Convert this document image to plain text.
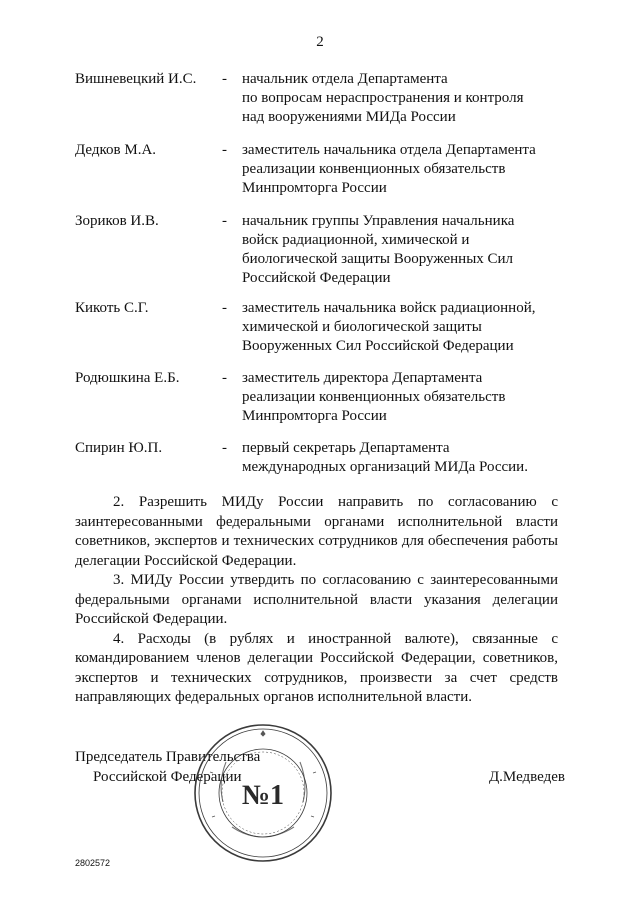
2
Вишневецкий И.С. - начальник отдела Департамента
по вопросам нераспространения и контроля
над вооружениями МИДа России
Дедков М.А.	- заместитель начальника отдела Департамента
реализации конвенционных обязательств
Минпромторга России
Зориков И.В.	- начальник группы Управления начальника
войск радиационной, химической и
биологической защиты Вооруженных Сил
Российской Федерации
Кикоть С.Г.	- заместитель начальника войск радиационной,
химической и биологической защиты
Вооруженных Сил Российской Федерации
Родюшкина Е.Б.	- заместитель директора Департамента
реализации конвенционных обязательств
Минпромторга России
Спирин Ю.П.	- первый секретарь Департамента
международных организаций МИДа России.

2. Разрешить МИДу России направить по согласованию с заинтересованными федеральными органами исполнительной власти советников, экспертов и технических сотрудников для обеспечения работы делегации Российской Федерации.

3. МИДу России утвердить по согласованию с заинтересованными федеральными органами исполнительной власти указания делегации Российской Федерации.

4. Расходы (в рублях и иностранной валюте), связанные с командированием членов делегации Российской Федерации, советников, экспертов и технических сотрудников, произвести за счет средств направляющих федеральных органов исполнительной власти.

Председатель Правительства
Российской Федерации	Д.Медведев
№1
2802572
